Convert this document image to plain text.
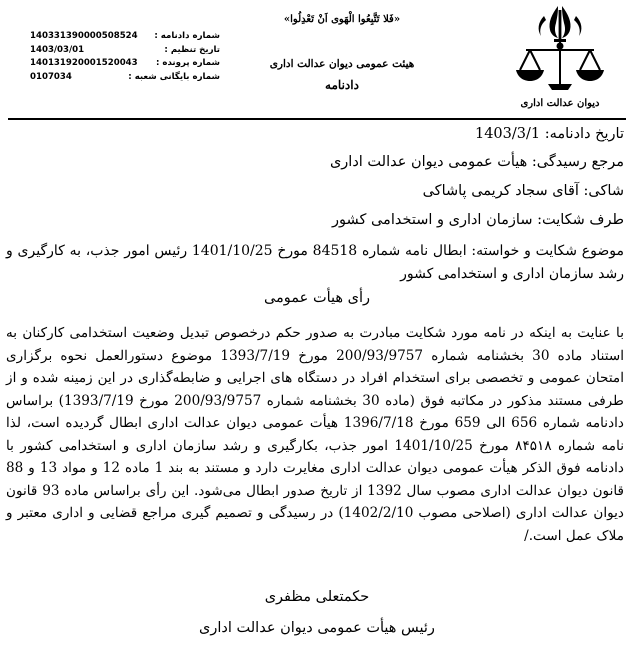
دیوان عدالت اداری
«فَلا تَتَّبِعُوا الْهَوى اَنْ تَعْدِلُوا»
هیئت عمومی دیوان عدالت اداری
دادنامه
140331390000508524 شماره دادنامه :
1403/03/01	تاریخ تنظیم :
140131920001520043 شماره پرونده :
0107034	شماره بایگانی شعبه :
تاریخ دادنامه: 1403/3/1
مرجع رسیدگی: هیأت عمومی دیوان عدالت اداری
شاکی: آقای سجاد کریمی پاشاکی
طرف شکایت: سازمان اداری و استخدامی کشور
موضوع شکایت و خواسته: ابطال نامه شماره 84518 مورخ 1401/10/25 رئیس امور جذب، به کارگیری و رشد سازمان اداری و استخدامی کشور
رأی هیأت عمومی
با عنایت به اینکه در نامه مورد شکایت مبادرت به صدور حکم درخصوص تبدیل وضعیت استخدامی کارکنان به استناد ماده 30 بخشنامه شماره 200/93/9757 مورخ 1393/7/19 موضوع دستورالعمل نحوه برگزاری امتحان عمومی و تخصصی برای استخدام افراد در دستگاه های اجرایی و ضابطه‌گذاری در این زمینه شده و از طرفی مستند مذکور در مکاتبه فوق (ماده 30 بخشنامه شماره 200/93/9757 مورخ 1393/7/19) براساس دادنامه شماره 656 الی 659 مورخ 1396/7/18 هیأت عمومی دیوان عدالت اداری ابطال گردیده است، لذا نامه شماره ۸۴۵۱۸ مورخ 1401/10/25 امور جذب، بکارگیری و رشد سازمان اداری و استخدامی کشور با دادنامه فوق الذکر هیأت عمومی دیوان عدالت اداری مغایرت دارد و مستند به بند 1 ماده 12 و مواد 13 و 88 قانون دیوان عدالت اداری مصوب سال 1392 از تاریخ صدور ابطال می‌شود. این رأی براساس ماده 93 قانون دیوان عدالت اداری (اصلاحی مصوب 1402/2/10) در رسیدگی و تصمیم گیری مراجع قضایی و اداری معتبر و ملاک عمل است./
حکمتعلی مظفری
رئیس هیأت عمومی دیوان عدالت اداری
